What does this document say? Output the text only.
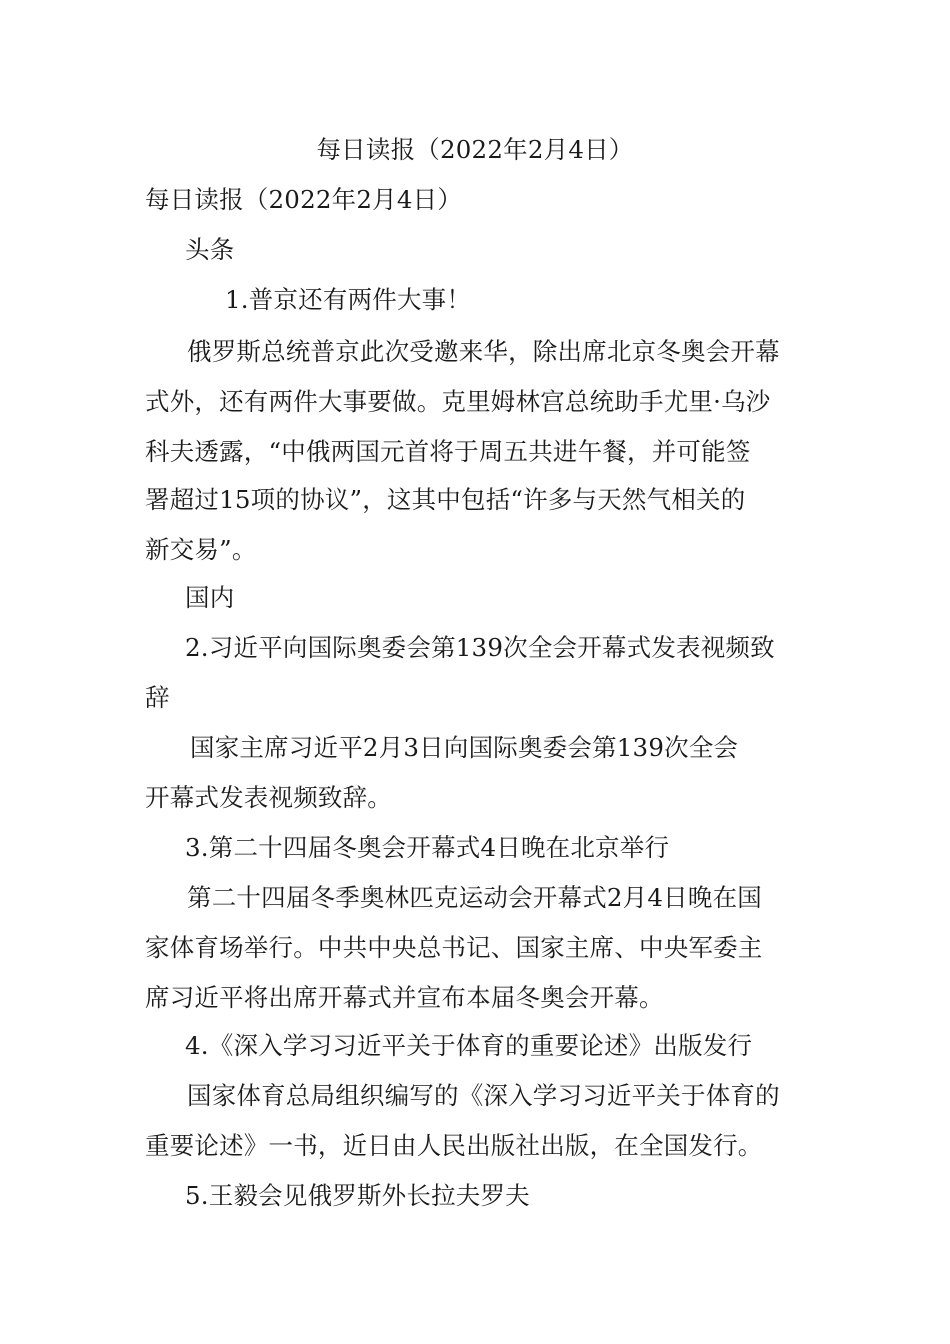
每日读报（2022年2月4日）
每日读报（2022年2月4日）
头条
1.普京还有两件大事！
俄罗斯总统普京此次受邀来华，除出席北京冬奥会开幕
式外，还有两件大事要做。克里姆林宫总统助手尤里·乌沙
科夫透露，“中俄两国元首将于周五共进午餐，并可能签
署超过15项的协议”，这其中包括“许多与天然气相关的
新交易”。
国内
2.习近平向国际奥委会第139次全会开幕式发表视频致
辞
国家主席习近平2月3日向国际奥委会第139次全会
开幕式发表视频致辞。
3.第二十四届冬奥会开幕式4日晚在北京举行
第二十四届冬季奥林匹克运动会开幕式2月4日晚在国
家体育场举行。中共中央总书记、国家主席、中央军委主
席习近平将出席开幕式并宣布本届冬奥会开幕。
4.《深入学习习近平关于体育的重要论述》出版发行
国家体育总局组织编写的《深入学习习近平关于体育的
重要论述》一书，近日由人民出版社出版，在全国发行。
5.王毅会见俄罗斯外长拉夫罗夫
